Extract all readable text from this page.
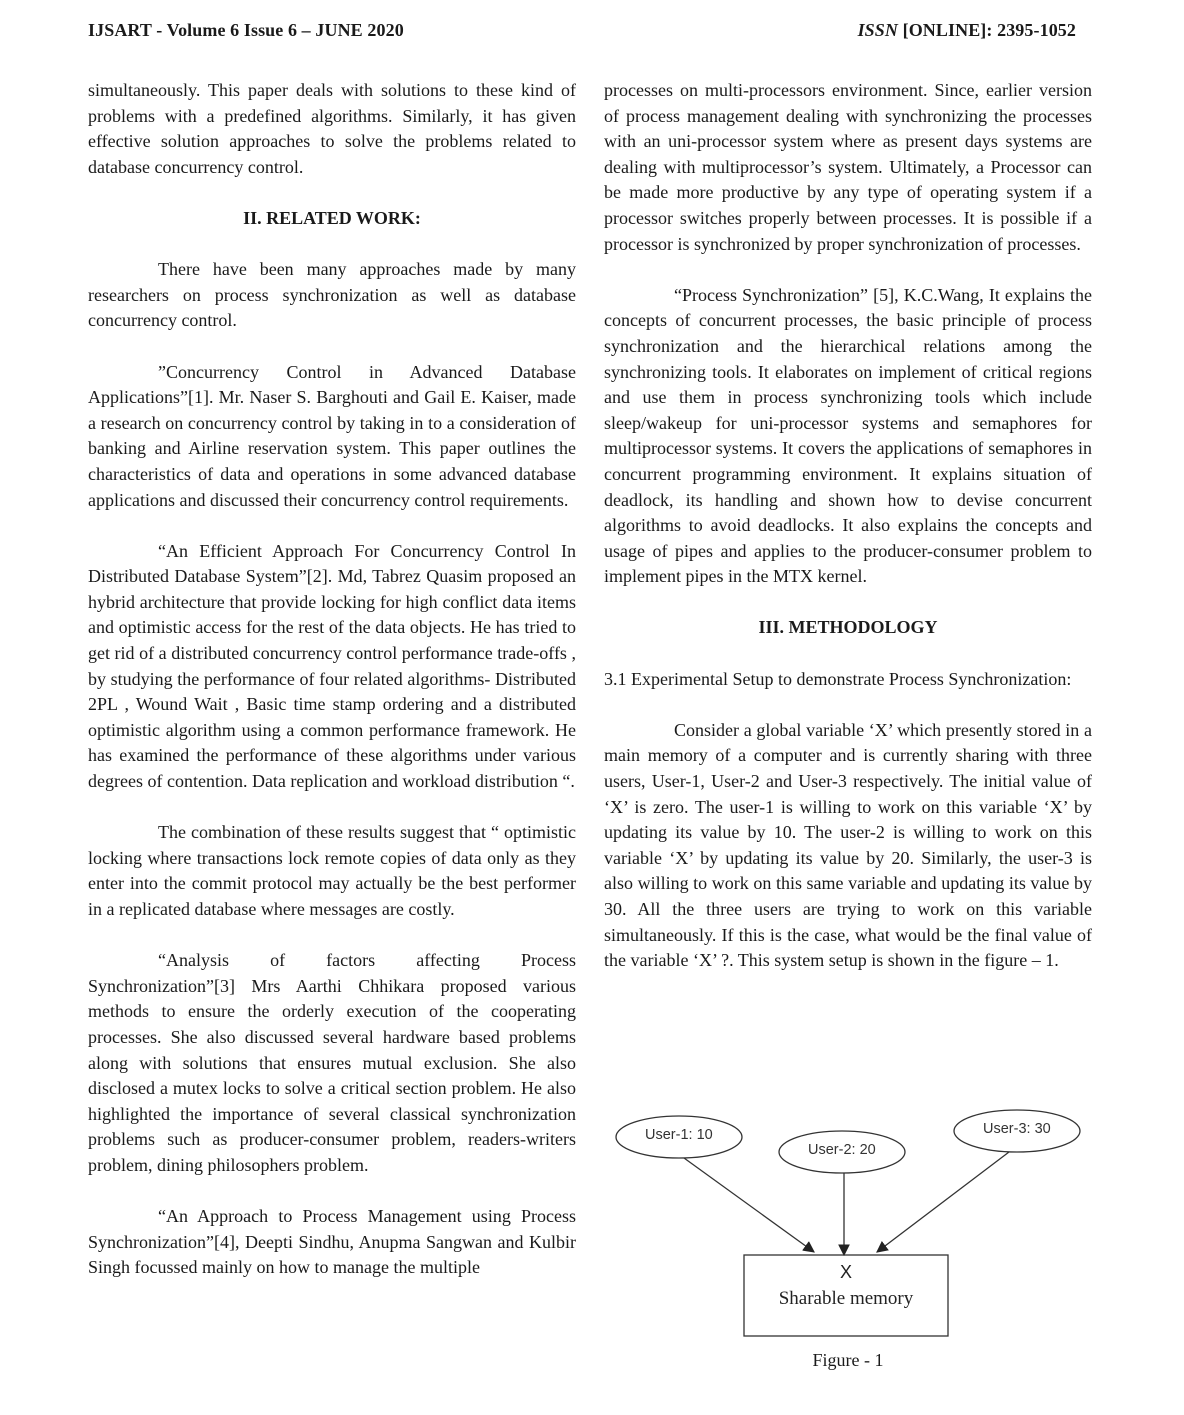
IJSART - Volume 6 Issue 6 – JUNE 2020	ISSN [ONLINE]: 2395-1052

simultaneously. This paper deals with solutions to these kind of problems with a predefined algorithms. Similarly, it has given effective solution approaches to solve the problems related to database concurrency control.

II. RELATED WORK:

There have been many approaches made by many researchers on process synchronization as well as database concurrency control.

”Concurrency Control in Advanced Database Applications”[1]. Mr. Naser S. Barghouti and Gail E. Kaiser, made a research on concurrency control by taking in to a consideration of banking and Airline reservation system. This paper outlines the characteristics of data and operations in some advanced database applications and discussed their concurrency control requirements.

“An Efficient Approach For Concurrency Control In Distributed Database System”[2]. Md, Tabrez Quasim proposed an hybrid architecture that provide locking for high conflict data items and optimistic access for the rest of the data objects. He has tried to get rid of a distributed concurrency control performance trade-offs , by studying the performance of four related algorithms- Distributed 2PL , Wound Wait , Basic time stamp ordering and a distributed optimistic algorithm using a common performance framework. He has examined the performance of these algorithms under various degrees of contention. Data replication and workload distribution “.

The combination of these results suggest that “ optimistic locking where transactions lock remote copies of data only as they enter into the commit protocol may actually be the best performer in a replicated database where messages are costly.

“Analysis of factors affecting Process Synchronization”[3] Mrs Aarthi Chhikara proposed various methods to ensure the orderly execution of the cooperating processes. She also discussed several hardware based problems along with solutions that ensures mutual exclusion. She also disclosed a mutex locks to solve a critical section problem. He also highlighted the importance of several classical synchronization problems such as producer-consumer problem, readers-writers problem, dining philosophers problem.

“An Approach to Process Management using Process Synchronization”[4], Deepti Sindhu, Anupma Sangwan and Kulbir Singh focussed mainly on how to manage the multiple

processes on multi-processors environment. Since, earlier version of process management dealing with synchronizing the processes with an uni-processor system where as present days systems are dealing with multiprocessor’s system. Ultimately, a Processor can be made more productive by any type of operating system if a processor switches properly between processes. It is possible if a processor is synchronized by proper synchronization of processes.

“Process Synchronization” [5], K.C.Wang, It explains the concepts of concurrent processes, the basic principle of process synchronization and the hierarchical relations among the synchronizing tools. It elaborates on implement of critical regions and use them in process synchronizing tools which include sleep/wakeup for uni-processor systems and semaphores for multiprocessor systems. It covers the applications of semaphores in concurrent programming environment. It explains situation of deadlock, its handling and shown how to devise concurrent algorithms to avoid deadlocks. It also explains the concepts and usage of pipes and applies to the producer-consumer problem to implement pipes in the MTX kernel.

III. METHODOLOGY

3.1 Experimental Setup to demonstrate Process Synchronization:

Consider a global variable ‘X’ which presently stored in a main memory of a computer and is currently sharing with three users, User-1, User-2 and User-3 respectively. The initial value of ‘X’ is zero. The user-1 is willing to work on this variable ‘X’ by updating its value by 10. The user-2 is willing to work on this variable ‘X’ by updating its value by 20. Similarly, the user-3 is also willing to work on this same variable and updating its value by 30. All the three users are trying to work on this variable simultaneously. If this is the case, what would be the final value of the variable ‘X’ ?. This system setup is shown in the figure – 1.

User-1: 10
User-2: 20
User-3: 30
X
Sharable memory
Figure - 1
